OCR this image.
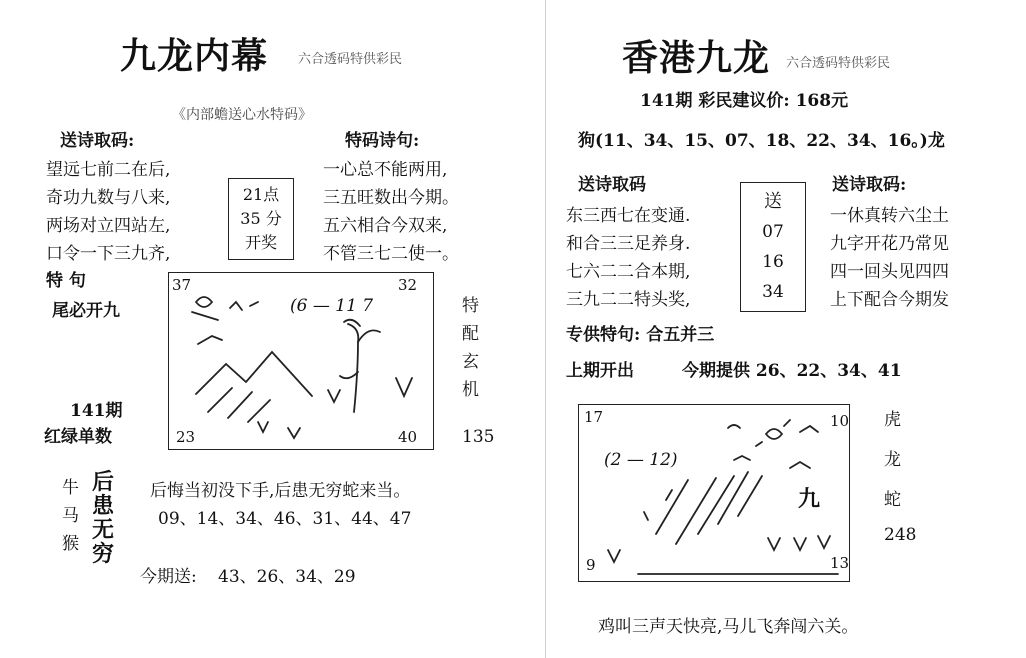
九龙内幕 六合透码特供彩民
《内部蟾送心水特码》
送诗取码:
望远七前二在后,
奇功九数与八来,
两场对立四站左,
口令一下三九齐,
21点
35 分
开奖
特码诗句:
一心总不能两用,
三五旺数出今期。
五六相合今双来,
不管三七二使一。
特 句
尾必开九
37	32
23	40
(6 — 11 7	特
配
玄
机
135
141期
红绿单数
牛
马
猴
后
患
无
穷
后悔当初没下手,后患无穷蛇来当。
09、14、34、46、31、44、47
今期送: 43、26、34、29
香港九龙 六合透码特供彩民
141期 彩民建议价: 168元
狗(11、34、15、07、18、22、34、16。)龙
送诗取码
东三西七在变通.
和合三三足养身.
七六二二合本期,
三九二二特头奖,
送
07
16
34
送诗取码:
一休真转六尘土
九字开花乃常见
四一回头见四四
上下配合今期发
专供特句: 合五并三
上期开出	今期提供 26、22、34、41
17	10
9	13
(2 — 12)
九
虎
龙
蛇
248
鸡叫三声天快亮,马儿飞奔闯六关。
